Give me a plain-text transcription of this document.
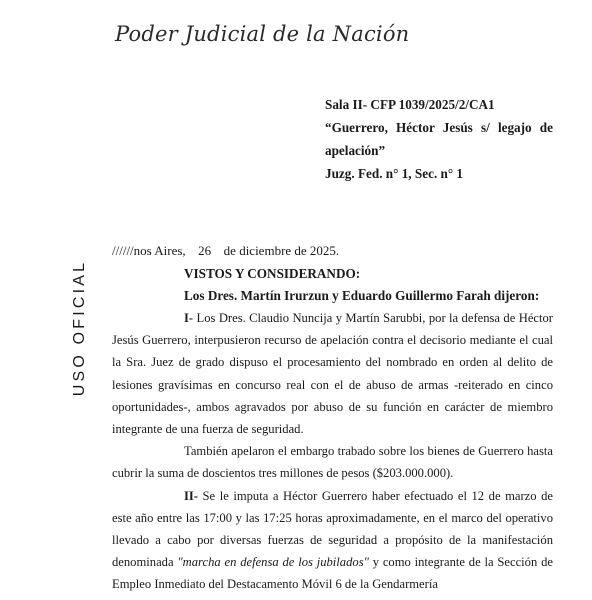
Poder Judicial de la Nación
Sala II- CFP 1039/2025/2/CA1
“Guerrero, Héctor Jesús s/ legajo de apelación”
Juzg. Fed. n° 1, Sec. n° 1
USO OFICIAL
//////nos Aires, 26 de diciembre de 2025.
VISTOS Y CONSIDERANDO:
Los Dres. Martín Irurzun y Eduardo Guillermo Farah dijeron:

I- Los Dres. Claudio Nuncija y Martín Sarubbi, por la defensa de Héctor Jesús Guerrero, interpusieron recurso de apelación contra el decisorio mediante el cual la Sra. Juez de grado dispuso el procesamiento del nombrado en orden al delito de lesiones gravísimas en concurso real con el de abuso de armas -reiterado en cinco oportunidades-, ambos agravados por abuso de su función en carácter de miembro integrante de una fuerza de seguridad.

También apelaron el embargo trabado sobre los bienes de Guerrero hasta cubrir la suma de doscientos tres millones de pesos ($203.000.000).

II- Se le imputa a Héctor Guerrero haber efectuado el 12 de marzo de este año entre las 17:00 y las 17:25 horas aproximadamente, en el marco del operativo llevado a cabo por diversas fuerzas de seguridad a propósito de la manifestación denominada "marcha en defensa de los jubilados" y como integrante de la Sección de Empleo Inmediato del Destacamento Móvil 6 de la Gendarmería
